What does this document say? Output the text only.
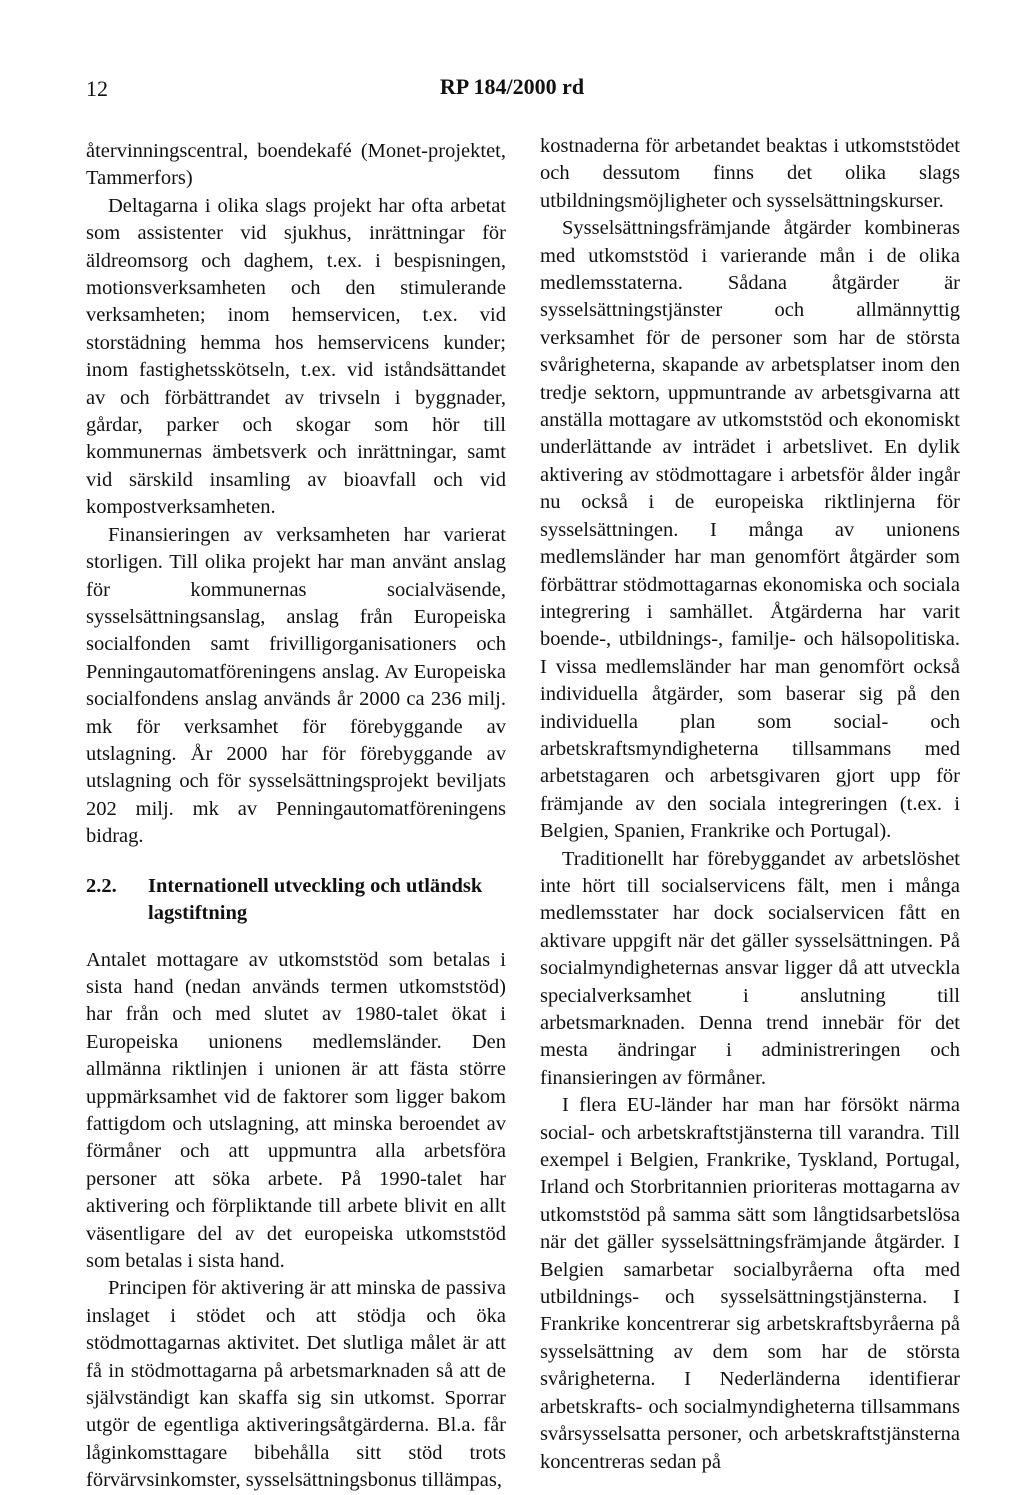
12	RP 184/2000 rd

återvinningscentral, boendekafé (Monet-projektet, Tammerfors)

Deltagarna i olika slags projekt har ofta arbetat som assistenter vid sjukhus, inrättningar för äldreomsorg och daghem, t.ex. i bespisningen, motionsverksamheten och den stimulerande verksamheten; inom hemservicen, t.ex. vid storstädning hemma hos hemservicens kunder; inom fastighetsskötseln, t.ex. vid iståndsättandet av och förbättrandet av trivseln i byggnader, gårdar, parker och skogar som hör till kommunernas ämbetsverk och inrättningar, samt vid särskild insamling av bioavfall och vid kompostverksamheten.

Finansieringen av verksamheten har varierat storligen. Till olika projekt har man använt anslag för kommunernas socialväsende, sysselsättningsanslag, anslag från Europeiska socialfonden samt frivilligorganisationers och Penningautomatföreningens anslag. Av Europeiska socialfondens anslag används år 2000 ca 236 milj. mk för verksamhet för förebyggande av utslagning. År 2000 har för förebyggande av utslagning och för sysselsättningsprojekt beviljats 202 milj. mk av Penningautomatföreningens bidrag.

2.2.	Internationell utveckling och utländsk lagstiftning

Antalet mottagare av utkomststöd som betalas i sista hand (nedan används termen utkomststöd) har från och med slutet av 1980-talet ökat i Europeiska unionens medlemsländer. Den allmänna riktlinjen i unionen är att fästa större uppmärksamhet vid de faktorer som ligger bakom fattigdom och utslagning, att minska beroendet av förmåner och att uppmuntra alla arbetsföra personer att söka arbete. På 1990-talet har aktivering och förpliktande till arbete blivit en allt väsentligare del av det europeiska utkomststöd som betalas i sista hand.

Principen för aktivering är att minska de passiva inslaget i stödet och att stödja och öka stödmottagarnas aktivitet. Det slutliga målet är att få in stödmottagarna på arbetsmarknaden så att de självständigt kan skaffa sig sin utkomst. Sporrar utgör de egentliga aktiveringsåtgärderna. Bl.a. får låginkomsttagare bibehålla sitt stöd trots förvärvsinkomster, sysselsättningsbonus tillämpas,

kostnaderna för arbetandet beaktas i utkomststödet och dessutom finns det olika slags utbildningsmöjligheter och sysselsättningskurser.

Sysselsättningsfrämjande åtgärder kombineras med utkomststöd i varierande mån i de olika medlemsstaterna. Sådana åtgärder är sysselsättningstjänster och allmännyttig verksamhet för de personer som har de största svårigheterna, skapande av arbetsplatser inom den tredje sektorn, uppmuntrande av arbetsgivarna att anställa mottagare av utkomststöd och ekonomiskt underlättande av inträdet i arbetslivet. En dylik aktivering av stödmottagare i arbetsför ålder ingår nu också i de europeiska riktlinjerna för sysselsättningen. I många av unionens medlemsländer har man genomfört åtgärder som förbättrar stödmottagarnas ekonomiska och sociala integrering i samhället. Åtgärderna har varit boende-, utbildnings-, familje- och hälsopolitiska. I vissa medlemsländer har man genomfört också individuella åtgärder, som baserar sig på den individuella plan som social- och arbetskraftsmyndigheterna tillsammans med arbetstagaren och arbetsgivaren gjort upp för främjande av den sociala integreringen (t.ex. i Belgien, Spanien, Frankrike och Portugal).

Traditionellt har förebyggandet av arbetslöshet inte hört till socialservicens fält, men i många medlemsstater har dock socialservicen fått en aktivare uppgift när det gäller sysselsättningen. På socialmyndigheternas ansvar ligger då att utveckla specialverksamhet i anslutning till arbetsmarknaden. Denna trend innebär för det mesta ändringar i administreringen och finansieringen av förmåner.

I flera EU-länder har man har försökt närma social- och arbetskraftstjänsterna till varandra. Till exempel i Belgien, Frankrike, Tyskland, Portugal, Irland och Storbritannien prioriteras mottagarna av utkomststöd på samma sätt som långtidsarbetslösa när det gäller sysselsättningsfrämjande åtgärder. I Belgien samarbetar socialbyråerna ofta med utbildnings- och sysselsättningstjänsterna. I Frankrike koncentrerar sig arbetskraftsbyråerna på sysselsättning av dem som har de största svårigheterna. I Nederländerna identifierar arbetskrafts- och socialmyndigheterna tillsammans svårsysselsatta personer, och arbetskraftstjänsterna koncentreras sedan på
